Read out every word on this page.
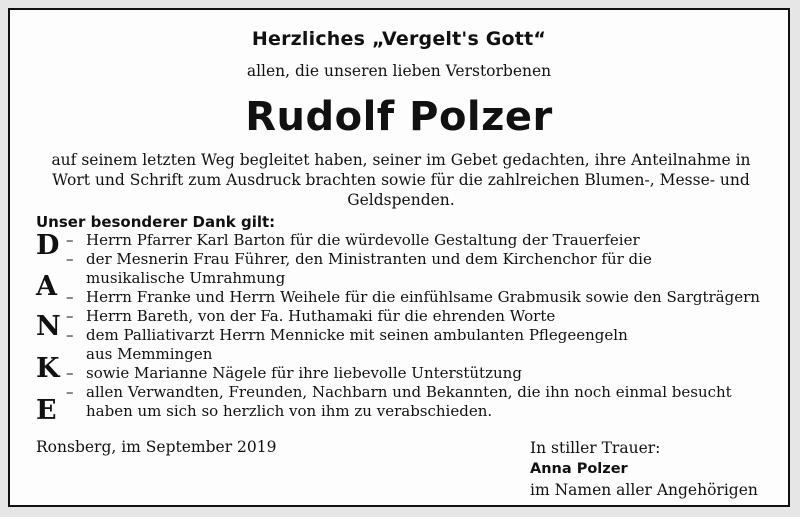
Herzliches „Vergelt's Gott“
allen, die unseren lieben Verstorbenen
Rudolf Polzer
auf seinem letzten Weg begleitet haben, seiner im Gebet gedachten, ihre Anteilnahme in
Wort und Schrift zum Ausdruck brachten sowie für die zahlreichen Blumen-, Messe- und
Geldspenden.
Unser besonderer Dank gilt:
D
A
N
K
E
– Herrn Pfarrer Karl Barton für die würdevolle Gestaltung der Trauerfeier
– der Mesnerin Frau Führer, den Ministranten und dem Kirchenchor für die
musikalische Umrahmung
– Herrn Franke und Herrn Weihele für die einfühlsame Grabmusik sowie den Sargträgern
– Herrn Bareth, von der Fa. Huthamaki für die ehrenden Worte
– dem Palliativarzt Herrn Mennicke mit seinen ambulanten Pflegeengeln
aus Memmingen
– sowie Marianne Nägele für ihre liebevolle Unterstützung
– allen Verwandten, Freunden, Nachbarn und Bekannten, die ihn noch einmal besucht
haben um sich so herzlich von ihm zu verabschieden.
Ronsberg, im September 2019	In stiller Trauer:
Anna Polzer
im Namen aller Angehörigen
